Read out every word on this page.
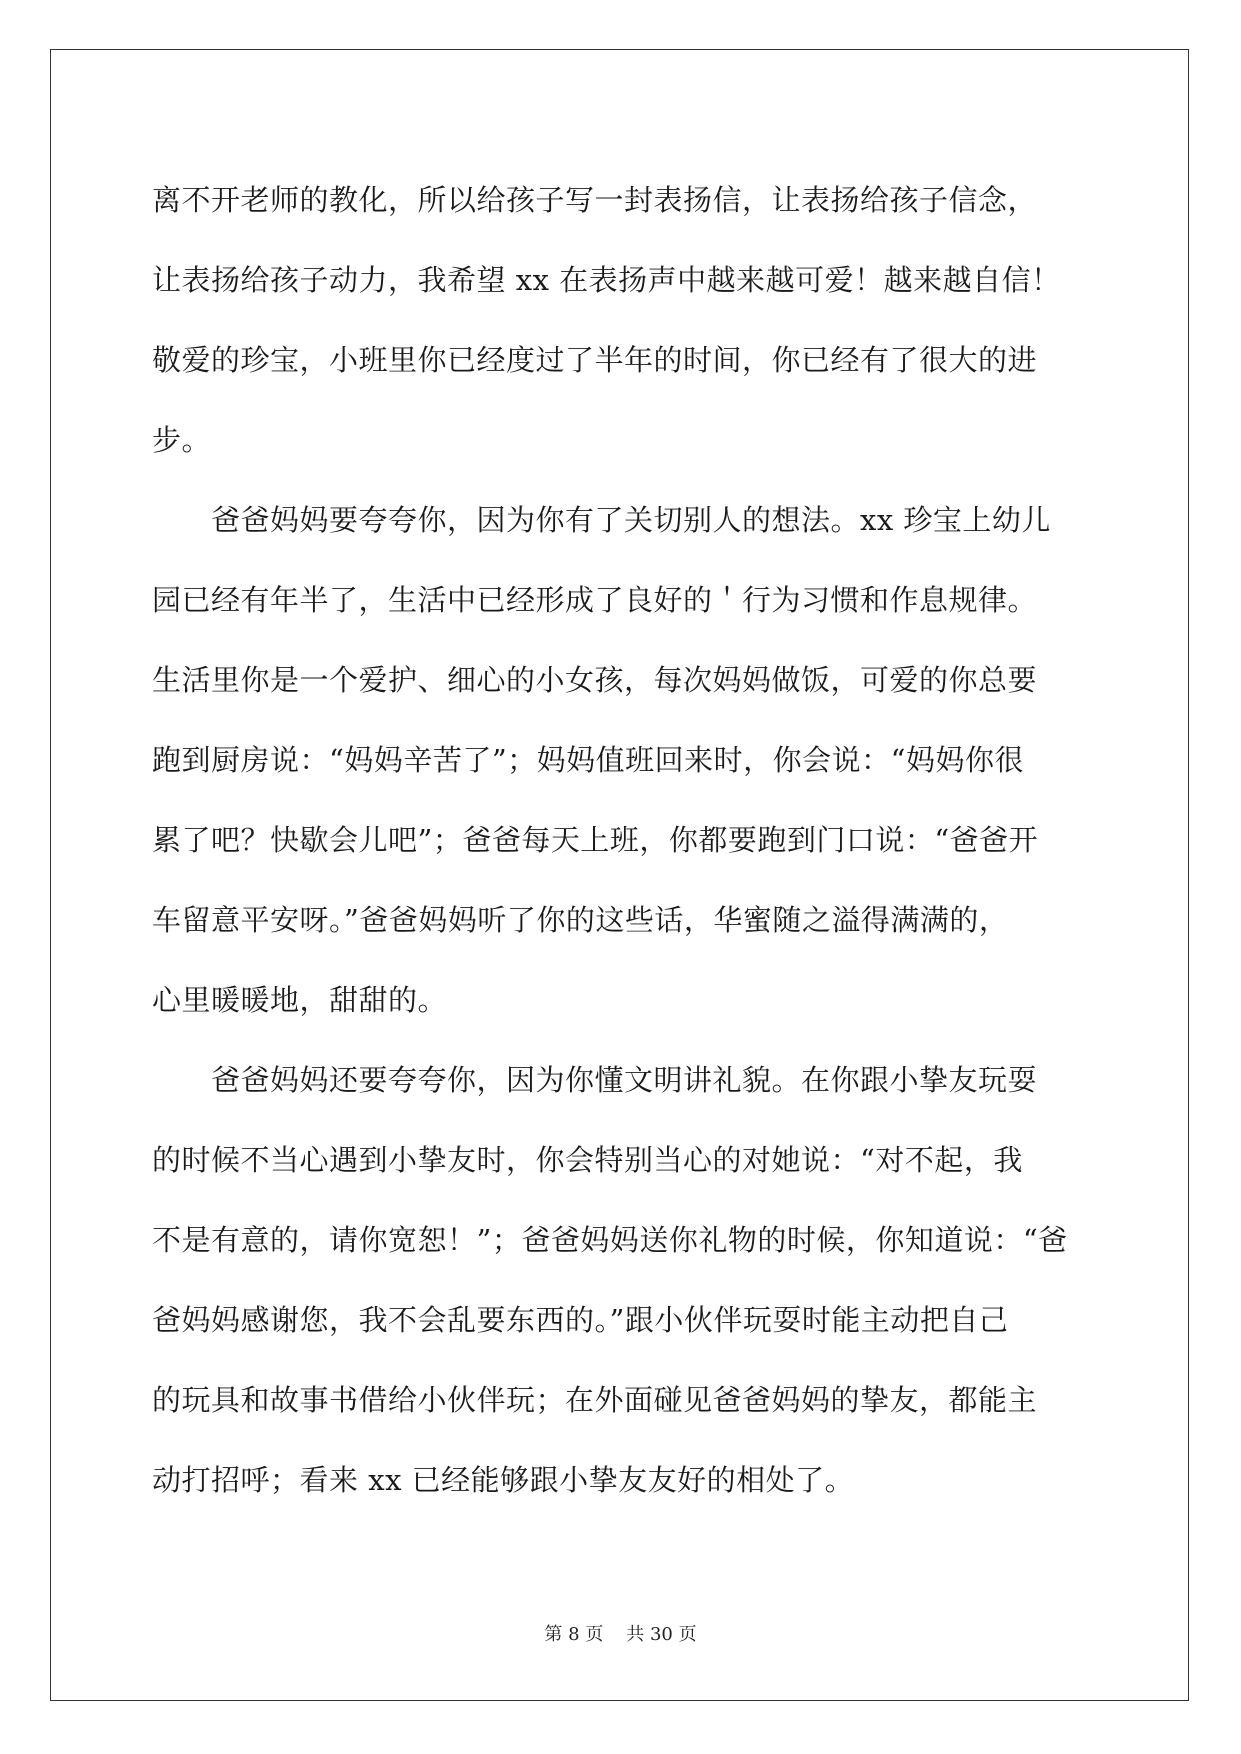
离不开老师的教化，所以给孩子写一封表扬信，让表扬给孩子信念，
让表扬给孩子动力，我希望 xx 在表扬声中越来越可爱！越来越自信！
敬爱的珍宝，小班里你已经度过了半年的时间，你已经有了很大的进
步。
　　爸爸妈妈要夸夸你，因为你有了关切别人的想法。xx 珍宝上幼儿
园已经有年半了，生活中已经形成了良好的＇行为习惯和作息规律。
生活里你是一个爱护、细心的小女孩，每次妈妈做饭，可爱的你总要
跑到厨房说：“妈妈辛苦了”；妈妈值班回来时，你会说：“妈妈你很
累了吧？快歇会儿吧”；爸爸每天上班，你都要跑到门口说：“爸爸开
车留意平安呀。”爸爸妈妈听了你的这些话，华蜜随之溢得满满的，
心里暖暖地，甜甜的。
　　爸爸妈妈还要夸夸你，因为你懂文明讲礼貌。在你跟小挚友玩耍
的时候不当心遇到小挚友时，你会特别当心的对她说：“对不起，我
不是有意的，请你宽恕！”；爸爸妈妈送你礼物的时候，你知道说：“爸
爸妈妈感谢您，我不会乱要东西的。”跟小伙伴玩耍时能主动把自己
的玩具和故事书借给小伙伴玩；在外面碰见爸爸妈妈的挚友，都能主
动打招呼；看来 xx 已经能够跟小挚友友好的相处了。
第 8 页 共 30 页
